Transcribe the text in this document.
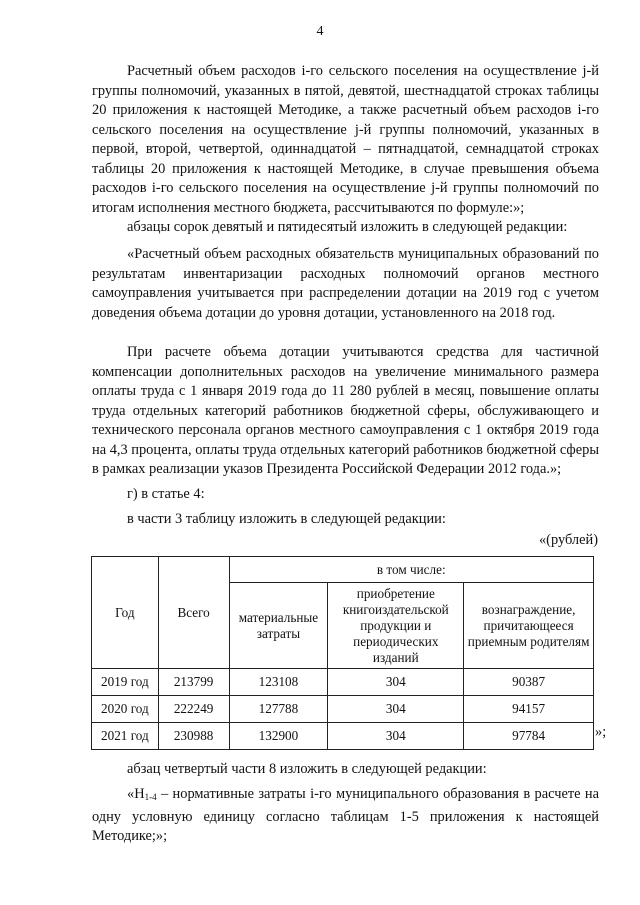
4

Расчетный объем расходов i-го сельского поселения на осуществление j-й группы полномочий, указанных в пятой, девятой, шестнадцатой строках таблицы 20 приложения к настоящей Методике, а также расчетный объем расходов i-го сельского поселения на осуществление j-й группы полномочий, указанных в первой, второй, четвертой, одиннадцатой – пятнадцатой, семнадцатой строках таблицы 20 приложения к настоящей Методике, в случае превышения объема расходов i-го сельского поселения на осуществление j-й группы полномочий по итогам исполнения местного бюджета, рассчитываются по формуле:»;

абзацы сорок девятый и пятидесятый изложить в следующей редакции:

«Расчетный объем расходных обязательств муниципальных образований по результатам инвентаризации расходных полномочий органов местного самоуправления учитывается при распределении дотации на 2019 год с учетом доведения объема дотации до уровня дотации, установленного на 2018 год.

При расчете объема дотации учитываются средства для частичной компенсации дополнительных расходов на увеличение минимального размера оплаты труда с 1 января 2019 года до 11 280 рублей в месяц, повышение оплаты труда отдельных категорий работников бюджетной сферы, обслуживающего и технического персонала органов местного самоуправления с 1 октября 2019 года на 4,3 процента, оплаты труда отдельных категорий работников бюджетной сферы в рамках реализации указов Президента Российской Федерации 2012 года.»;

г) в статье 4:

в части 3 таблицу изложить в следующей редакции:

«(рублей)
Год	Всего	в том числе:		
		материальные затраты	приобретение книгоиздательской продукции и периодических изданий	вознаграждение, причитающееся приемным родителям
2019 год	213799	123108	304	90387
2020 год	222249	127788	304	94157
2021 год	230988	132900	304	97784	»;

абзац четвертый части 8 изложить в следующей редакции:

«$Н_{1-4}$ – нормативные затраты i-го муниципального образования в расчете на одну условную единицу согласно таблицам 1-5 приложения к настоящей Методике;»;
